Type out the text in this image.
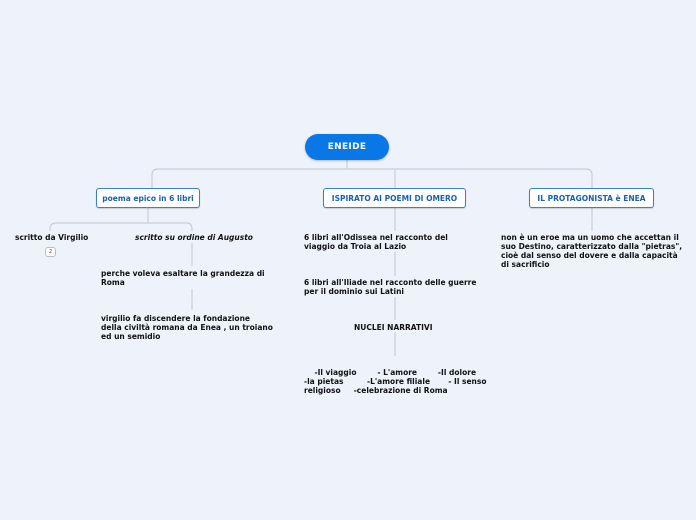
ENEIDE
poema epico in 6 libri	ISPIRATO AI POEMI DI OMERO	IL PROTAGONISTA è ENEA
scritto da Virgilio
2
scritto su ordine di Augusto
perche voleva esaltare la grandezza di Roma
virgilio fa discendere la fondazione della civiltà romana da Enea , un troiano ed un semidio
6 libri all'Odissea nel racconto del viaggio da Troia al Lazio
6 libri all'Iliade nel racconto delle guerre per il dominio sui Latini
NUCLEI NARRATIVI

-Il viaggio        - L'amore        -Il dolore          -la pietas         -L'amore filiale       - Il senso religioso     -celebrazione di Roma

non è un eroe ma un uomo che accettan il suo Destino, caratterizzato dalla "pietras", cioè dal senso del dovere e dalla capacità di sacrificio
